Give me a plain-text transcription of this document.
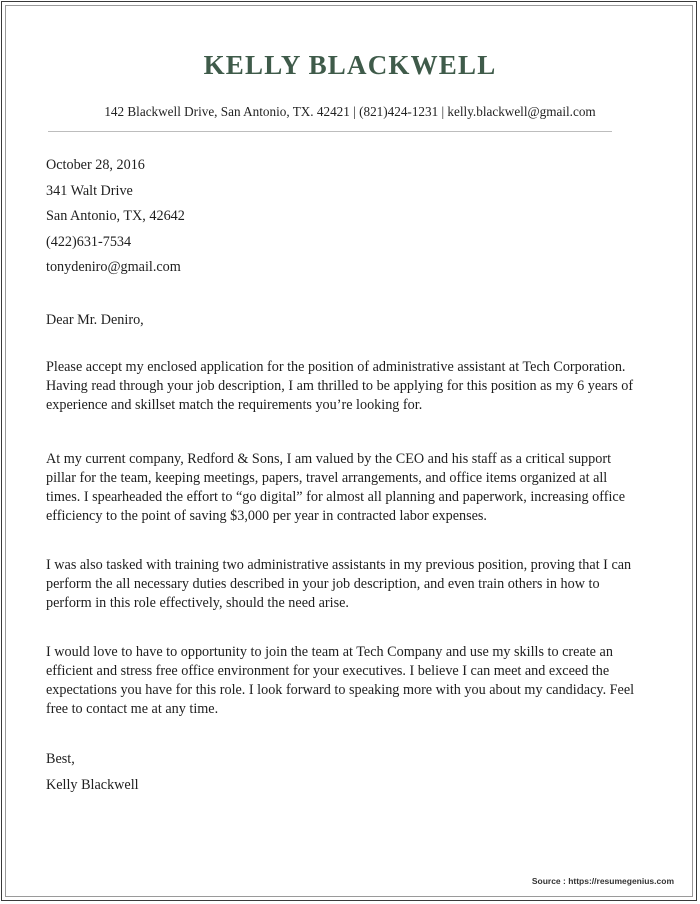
KELLY BLACKWELL
142 Blackwell Drive, San Antonio, TX. 42421 | (821)424-1231 | kelly.blackwell@gmail.com
October 28, 2016
341 Walt Drive
San Antonio, TX, 42642
(422)631-7534
tonydeniro@gmail.com
Dear Mr. Deniro,
Please accept my enclosed application for the position of administrative assistant at Tech Corporation.
Having read through your job description, I am thrilled to be applying for this position as my 6 years of
experience and skillset match the requirements you’re looking for.
At my current company, Redford & Sons, I am valued by the CEO and his staff as a critical support
pillar for the team, keeping meetings, papers, travel arrangements, and office items organized at all
times. I spearheaded the effort to “go digital” for almost all planning and paperwork, increasing office
efficiency to the point of saving $3,000 per year in contracted labor expenses.
I was also tasked with training two administrative assistants in my previous position, proving that I can
perform the all necessary duties described in your job description, and even train others in how to
perform in this role effectively, should the need arise.
I would love to have to opportunity to join the team at Tech Company and use my skills to create an
efficient and stress free office environment for your executives. I believe I can meet and exceed the
expectations you have for this role. I look forward to speaking more with you about my candidacy. Feel
free to contact me at any time.
Best,
Kelly Blackwell
Source : https://resumegenius.com
